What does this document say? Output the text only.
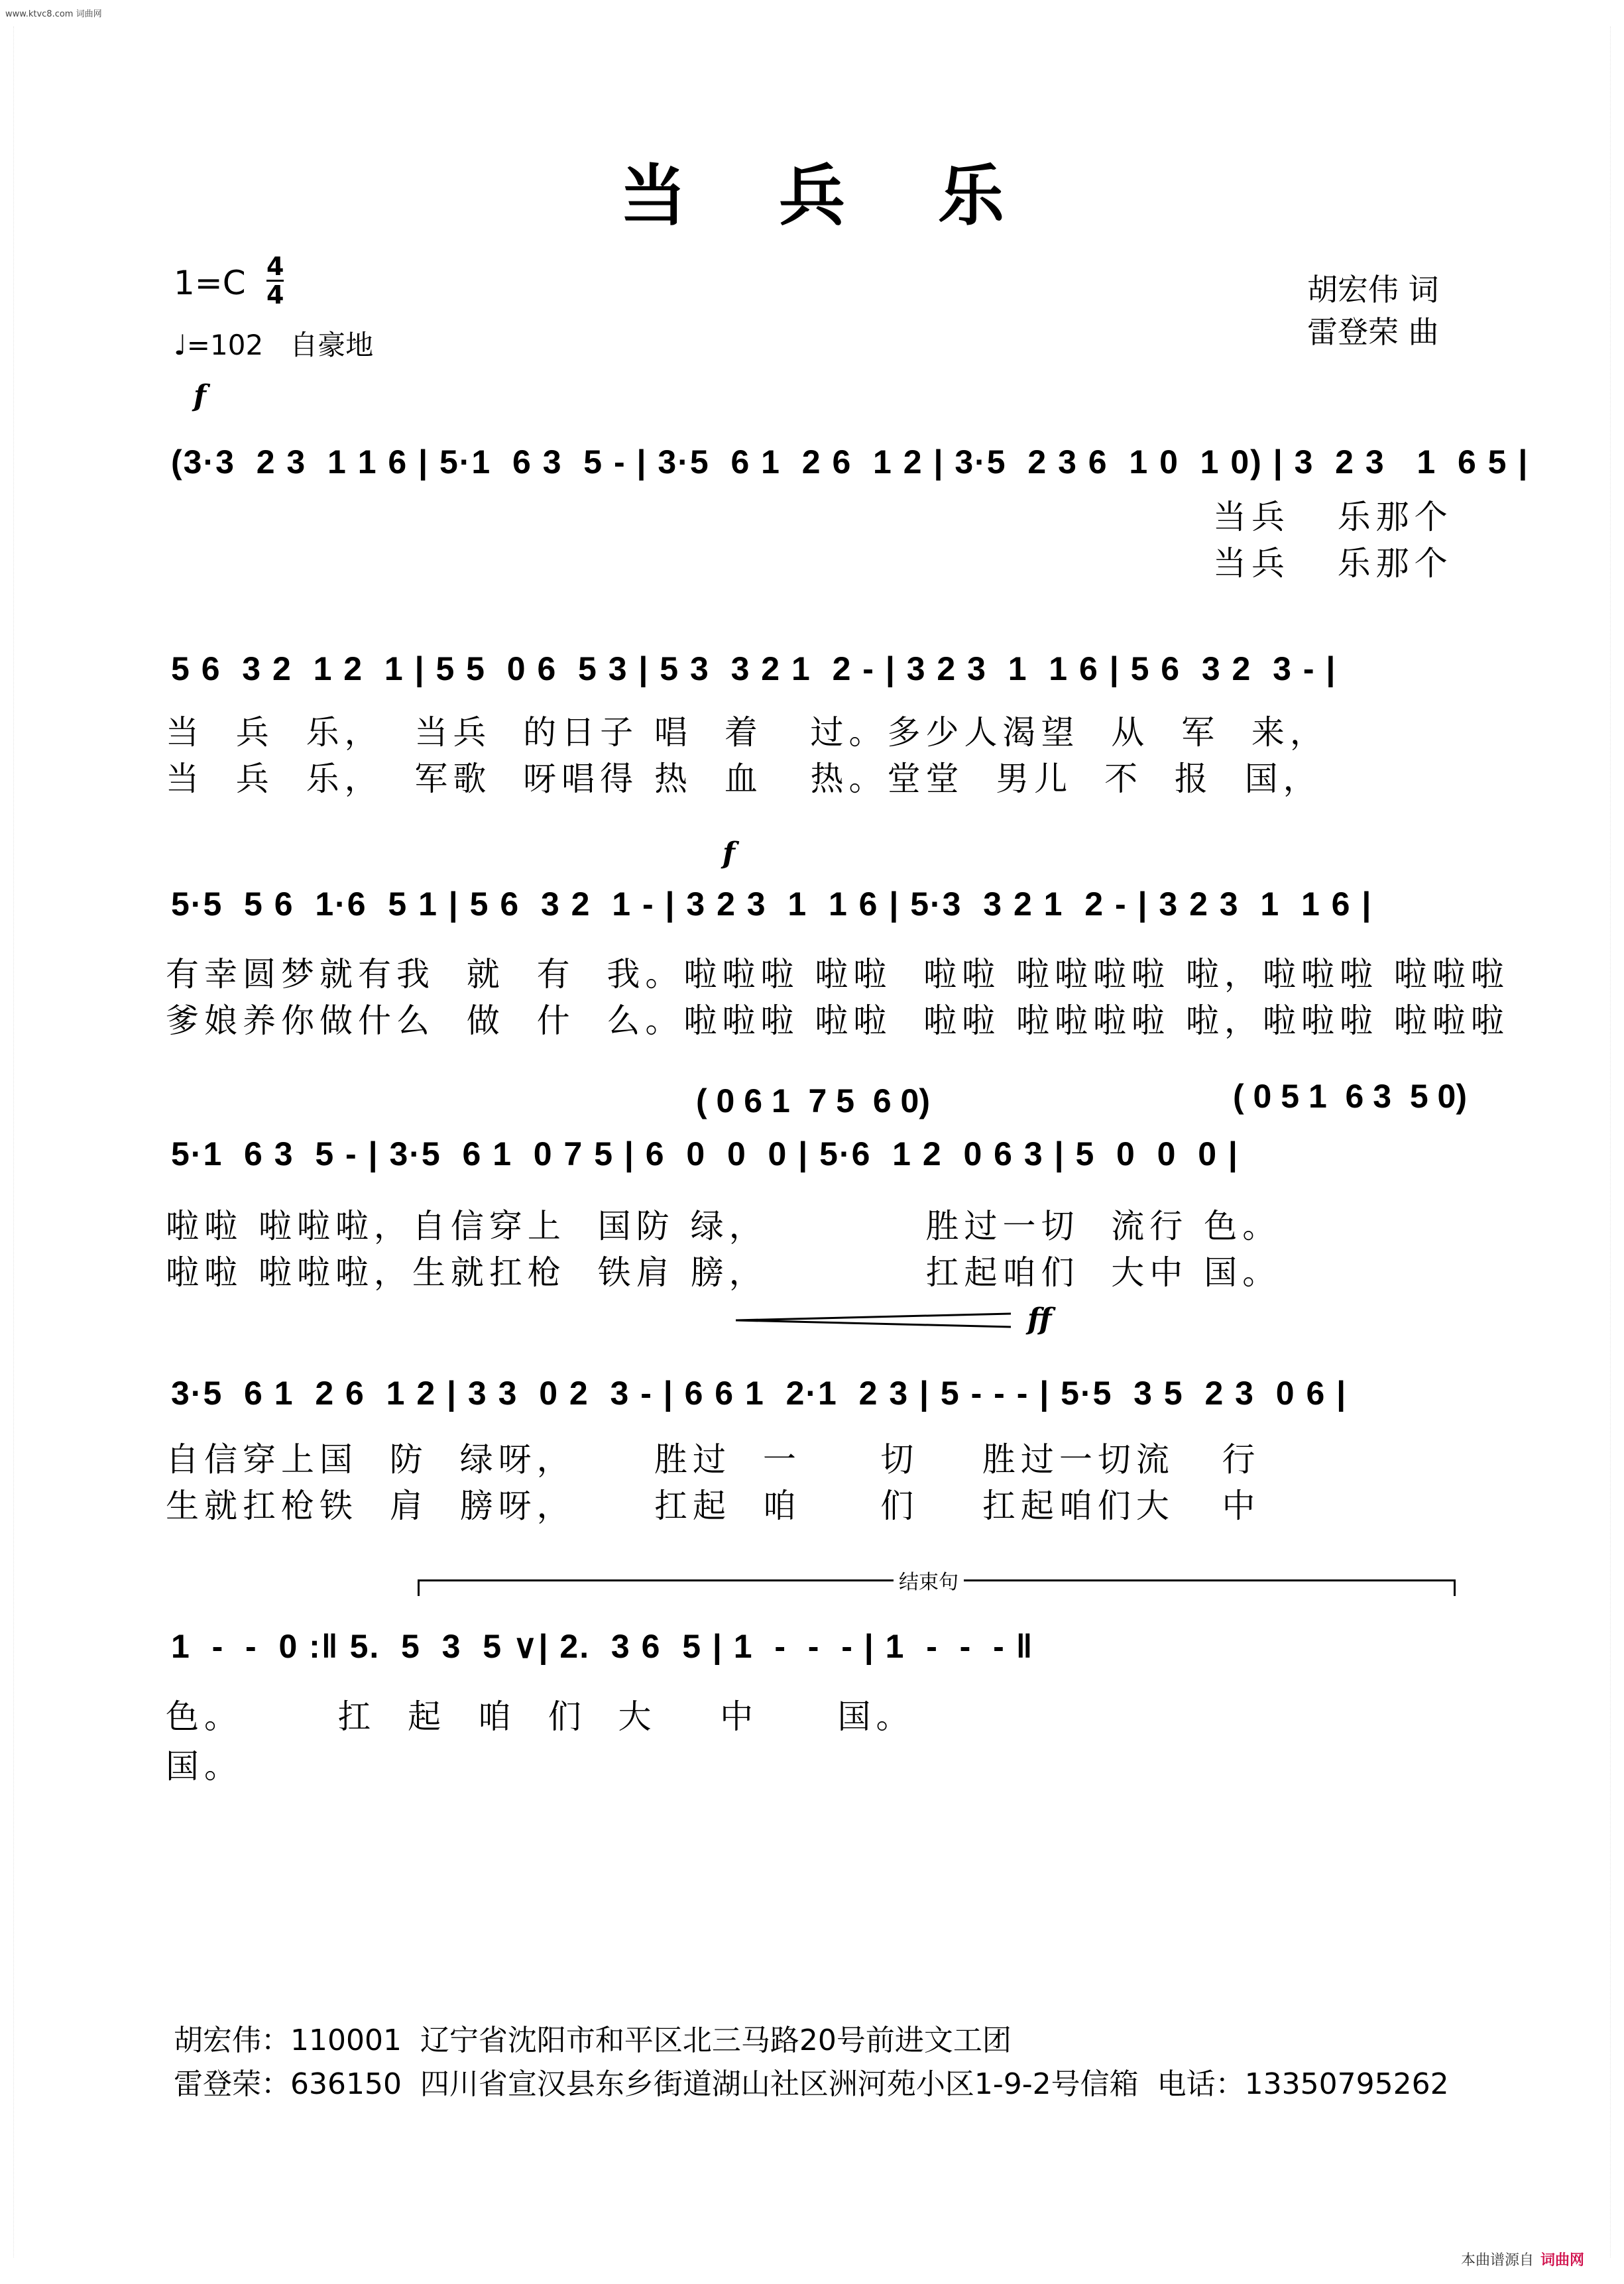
www.ktvc8.com 词曲网
当兵乐
1=C 4
4
♩=102 自豪地
胡宏伟 词
雷登荣 曲
f
(3·3  2 3  1 1 6 | 5·1  6 3  5 - | 3·5  6 1  2 6  1 2 | 3·5  2 3 6  1 0  1 0) | 3  2 3   1  6 5 |
当兵   乐那个
当兵   乐那个
5 6  3 2  1 2  1 | 5 5  0 6  5 3 | 5 3  3 2 1  2 - | 3 2 3  1  1 6 | 5 6  3 2  3 - |
当  兵  乐，  当兵  的日子 唱  着   过。多少人渴望  从  军  来，
当  兵  乐，  军歌  呀唱得 热  血   热。堂堂  男儿  不  报  国，
f
5·5  5 6  1·6  5 1 | 5 6  3 2  1 - | 3 2 3  1  1 6 | 5·3  3 2 1  2 - | 3 2 3  1  1 6 |
有幸圆梦就有我  就  有  我。啦啦啦 啦啦  啦啦 啦啦啦啦 啦，啦啦啦 啦啦啦
爹娘养你做什么  做  什  么。啦啦啦 啦啦  啦啦 啦啦啦啦 啦，啦啦啦 啦啦啦
( 0 6 1  7 5  6 0)	( 0 5 1  6 3  5 0)
5·1  6 3  5 - | 3·5  6 1  0 7 5 | 6  0  0  0 | 5·6  1 2  0 6 3 | 5  0  0  0 |
啦啦 啦啦啦，自信穿上  国防 绿，          胜过一切  流行 色。
啦啦 啦啦啦，生就扛枪  铁肩 膀，          扛起咱们  大中 国。
ff
3·5  6 1  2 6  1 2 | 3 3  0 2  3 - | 6 6 1  2·1  2 3 | 5 - - - | 5·5  3 5  2 3  0 6 |
自信穿上国  防  绿呀，     胜过  一     切    胜过一切流   行
生就扛枪铁  肩  膀呀，     扛起  咱     们    扛起咱们大   中
结束句
1  -  -  0 :‖ 5.  5  3  5 ∨| 2.  3 6  5 | 1  -  -  - | 1  -  -  - ‖
色。      扛  起  咱  们  大    中     国。
国。
胡宏伟：110001  辽宁省沈阳市和平区北三马路20号前进文工团
雷登荣：636150  四川省宣汉县东乡街道湖山社区洲河苑小区1-9-2号信箱  电话：13350795262
本曲谱源自 词曲网
